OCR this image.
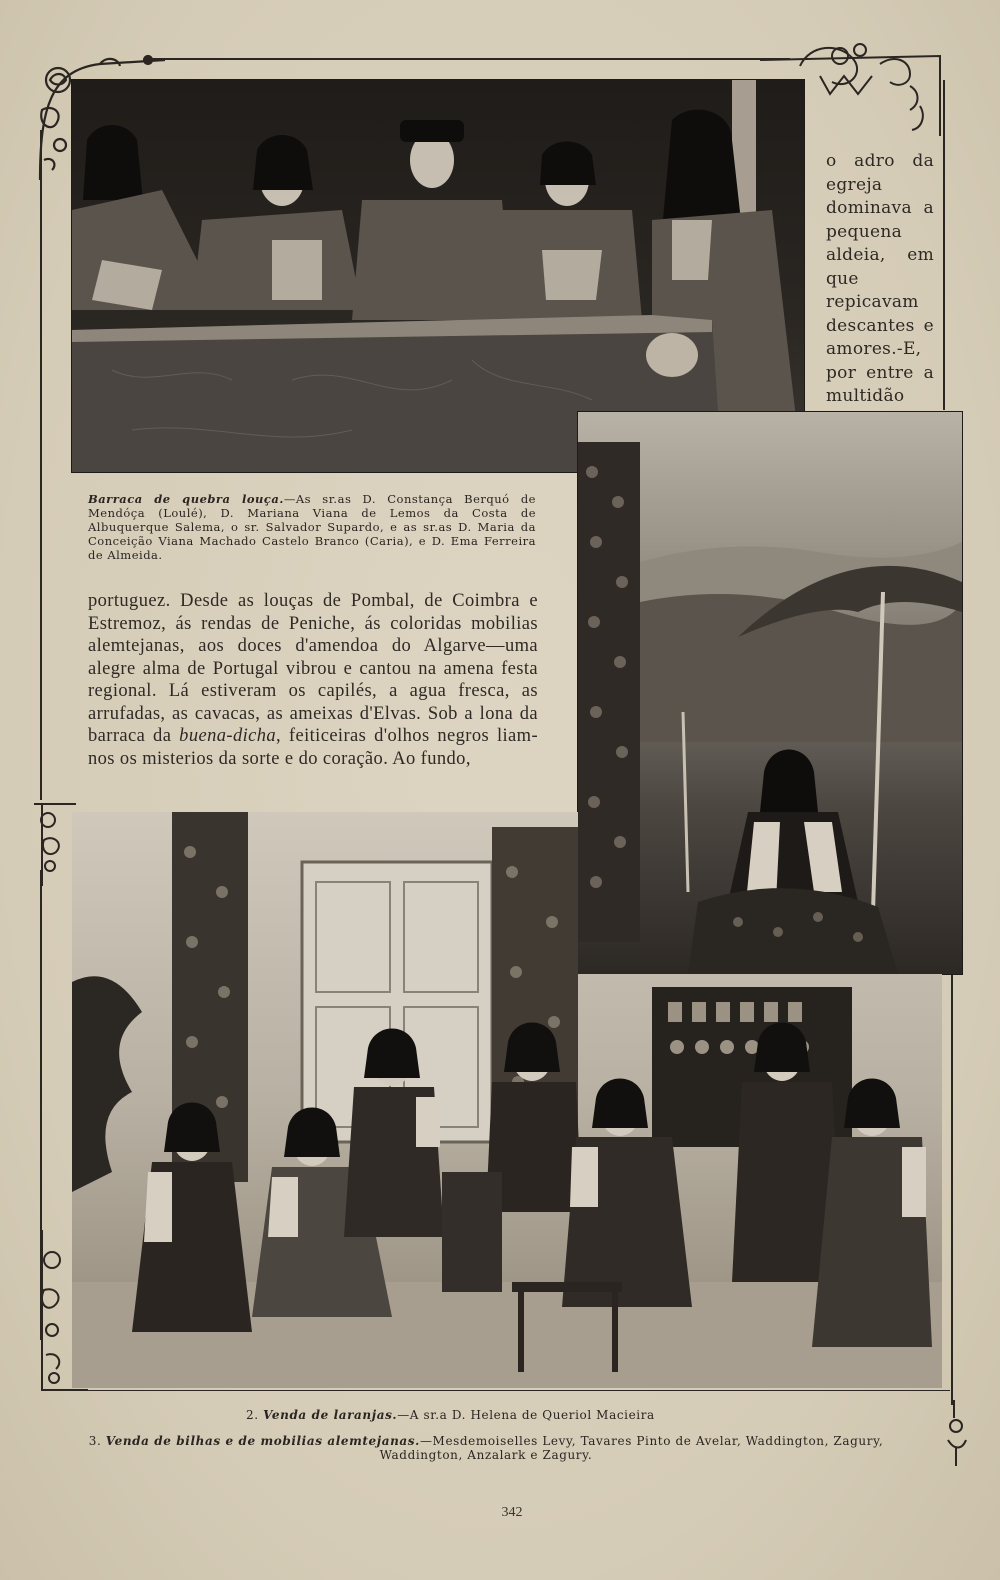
o adro da egreja dominava a pequena aldeia, em que repicavam descantes e amores.-E, por entre a multidão
Barraca de quebra louça.—As sr.as D. Constança Berquó de Mendóça (Loulé), D. Mariana Viana de Lemos da Costa de Albuquerque Salema, o sr. Salvador Supardo, e as sr.as D. Maria da Conceição Viana Machado Castelo Branco (Caria), e D. Ema Ferreira de Almeida.
portuguez. Desde as louças de Pombal, de Coimbra e Estremoz, ás rendas de Peniche, ás coloridas mobilias alemtejanas, aos doces d'amendoa do Algarve—uma alegre alma de Portugal vibrou e cantou na amena festa regional. Lá estiveram os capilés, a agua fresca, as arrufadas, as cavacas, as ameixas d'Elvas. Sob a lona da barraca da buena-dicha, feiticeiras d'olhos negros liam-nos os misterios da sorte e do coração. Ao fundo,
2. Venda de laranjas.—A sr.a D. Helena de Queriol Macieira
3. Venda de bilhas e de mobilias alemtejanas.—Mesdemoiselles Levy, Tavares Pinto de Avelar, Waddington, Zagury, Waddington, Anzalark e Zagury.
342
